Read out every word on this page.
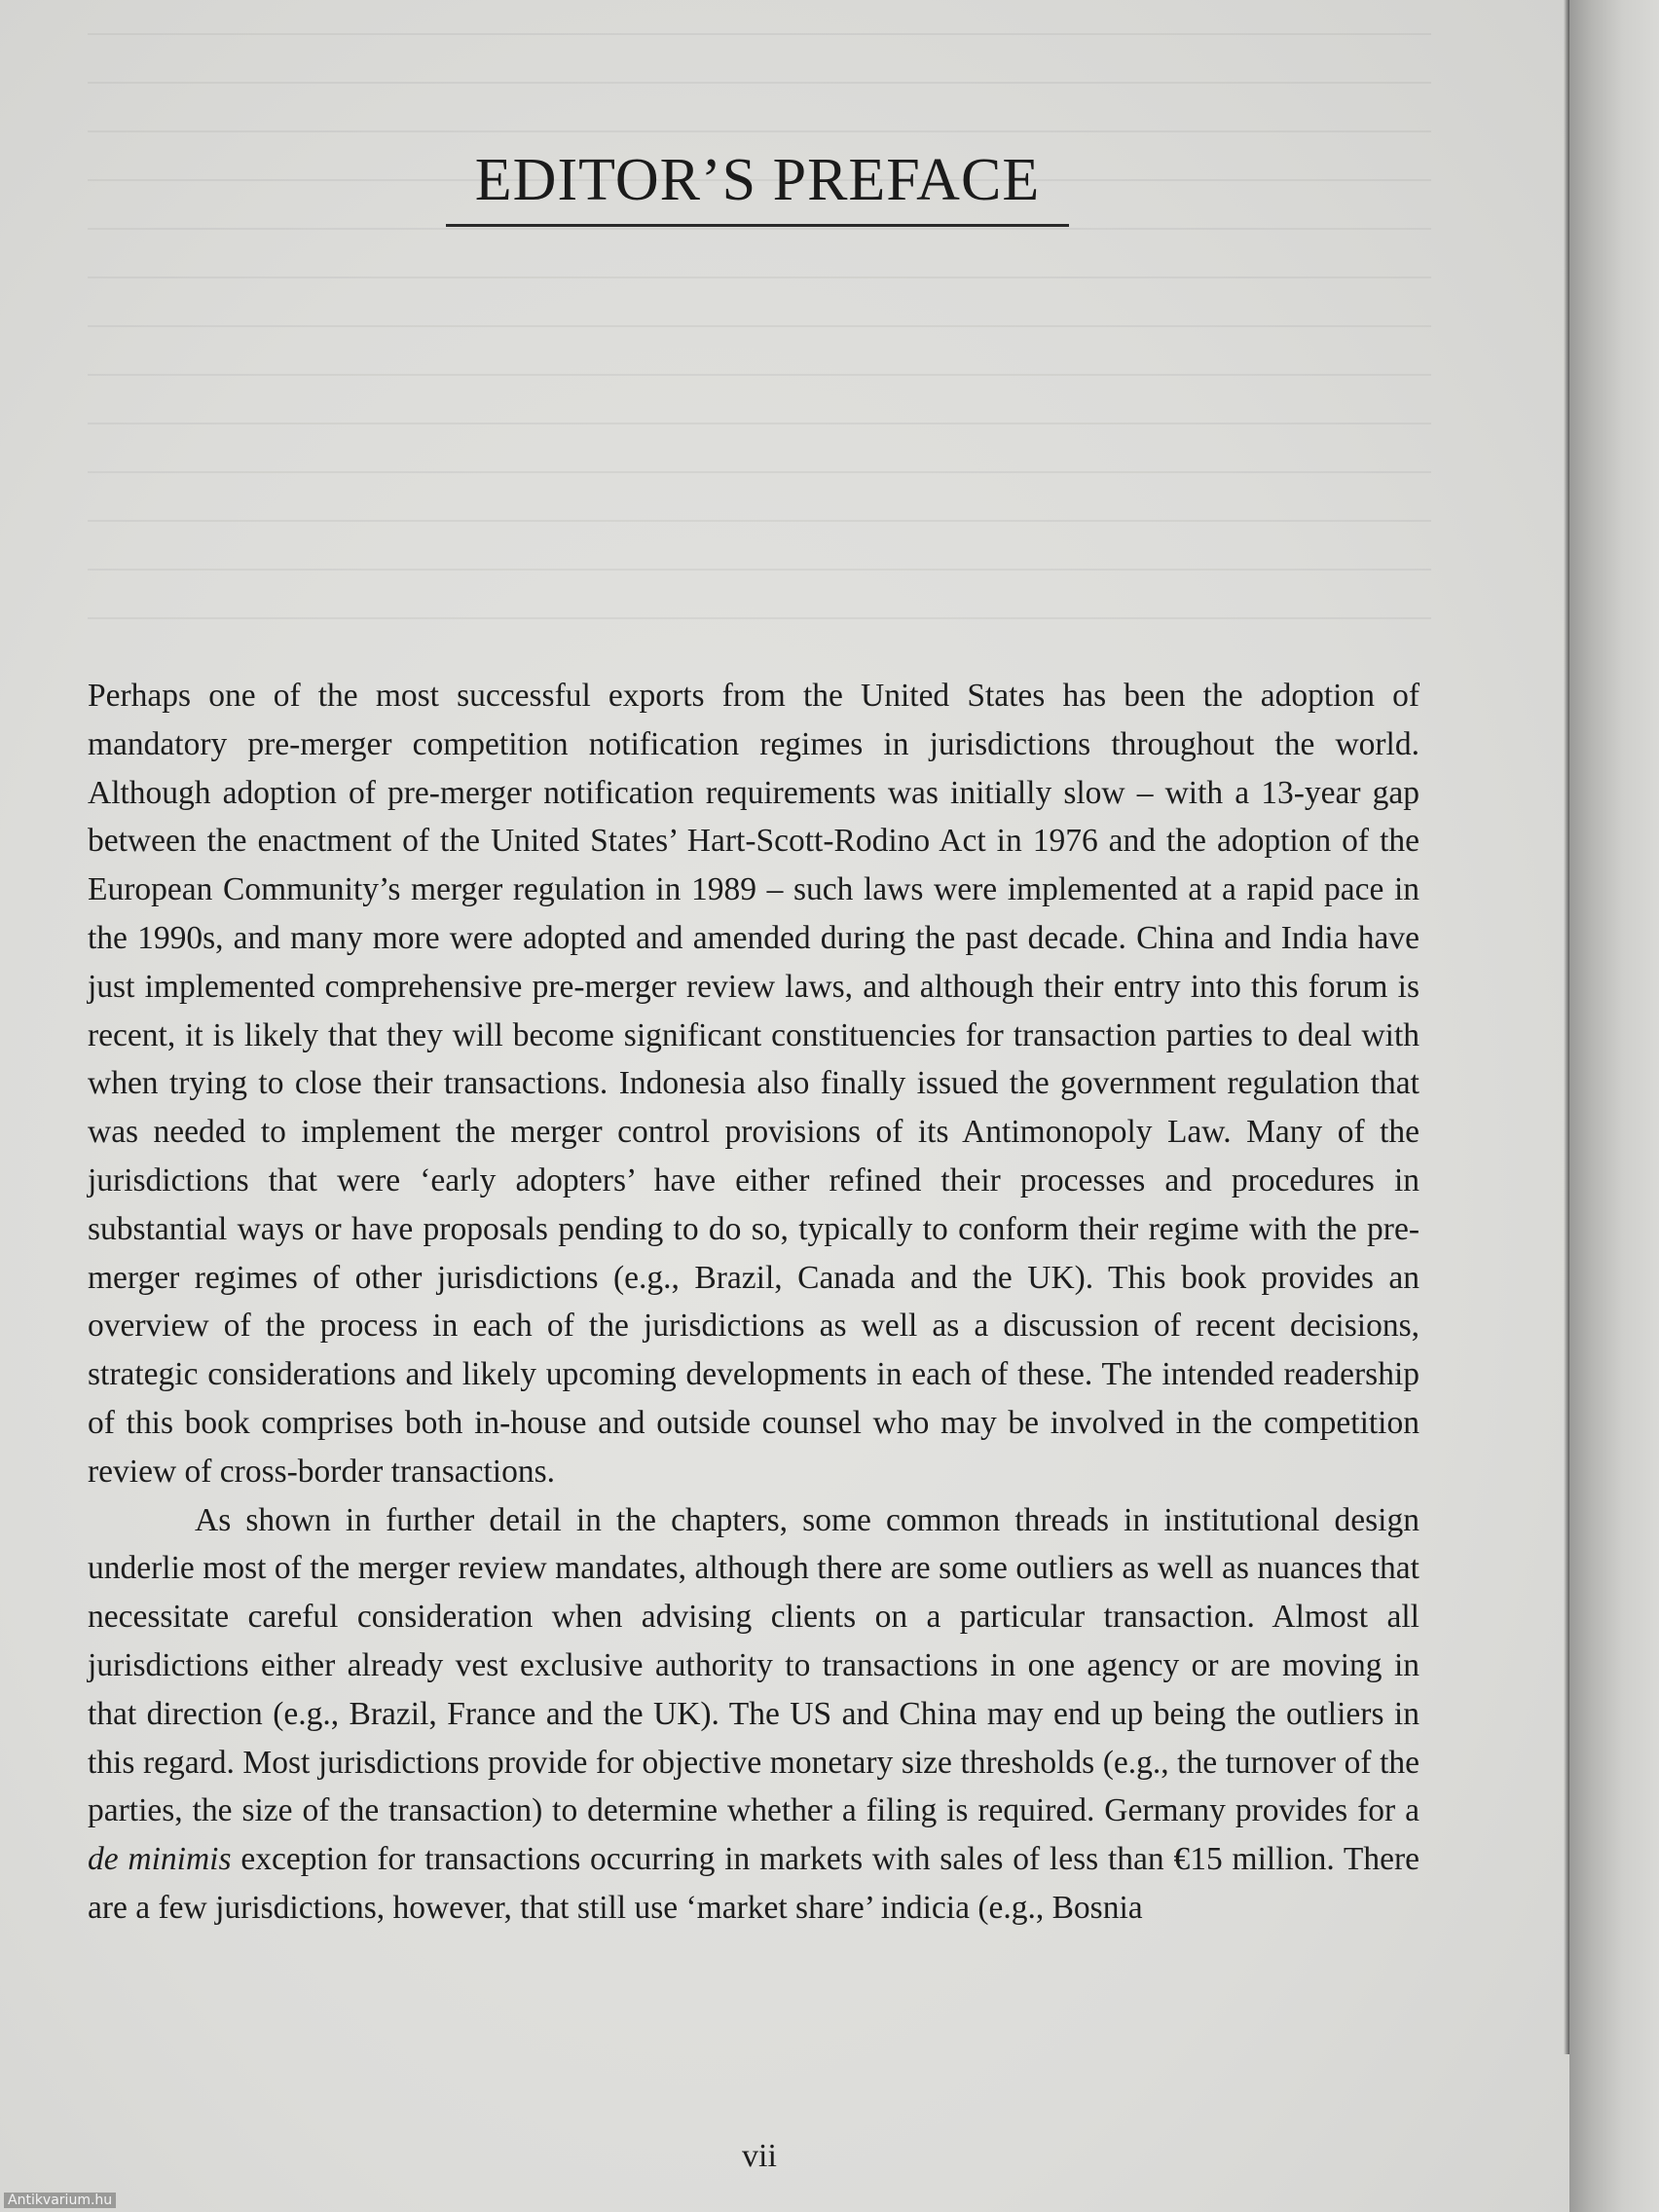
EDITOR’S PREFACE

Perhaps one of the most successful exports from the United States has been the adoption of mandatory pre-merger competition notification regimes in jurisdictions throughout the world. Although adoption of pre-merger notification requirements was initially slow – with a 13-year gap between the enactment of the United States’ Hart-Scott-Rodino Act in 1976 and the adoption of the European Community’s merger regulation in 1989 – such laws were implemented at a rapid pace in the 1990s, and many more were adopted and amended during the past decade. China and India have just implemented comprehensive pre-merger review laws, and although their entry into this forum is recent, it is likely that they will become significant constituencies for transaction parties to deal with when trying to close their transactions. Indonesia also finally issued the government regulation that was needed to implement the merger control provisions of its Antimonopoly Law. Many of the jurisdictions that were ‘early adopters’ have either refined their processes and procedures in substantial ways or have proposals pending to do so, typically to conform their regime with the pre-merger regimes of other jurisdictions (e.g., Brazil, Canada and the UK). This book provides an overview of the process in each of the jurisdictions as well as a discussion of recent decisions, strategic considerations and likely upcoming developments in each of these. The intended readership of this book comprises both in-house and outside counsel who may be involved in the competition review of cross-border transactions.

As shown in further detail in the chapters, some common threads in institutional design underlie most of the merger review mandates, although there are some outliers as well as nuances that necessitate careful consideration when advising clients on a particular transaction. Almost all jurisdictions either already vest exclusive authority to transactions in one agency or are moving in that direction (e.g., Brazil, France and the UK). The US and China may end up being the outliers in this regard. Most jurisdictions provide for objective monetary size thresholds (e.g., the turnover of the parties, the size of the transaction) to determine whether a filing is required. Germany provides for a de minimis exception for transactions occurring in markets with sales of less than €15 million. There are a few jurisdictions, however, that still use ‘market share’ indicia (e.g., Bosnia

vii

Antikvarium.hu
